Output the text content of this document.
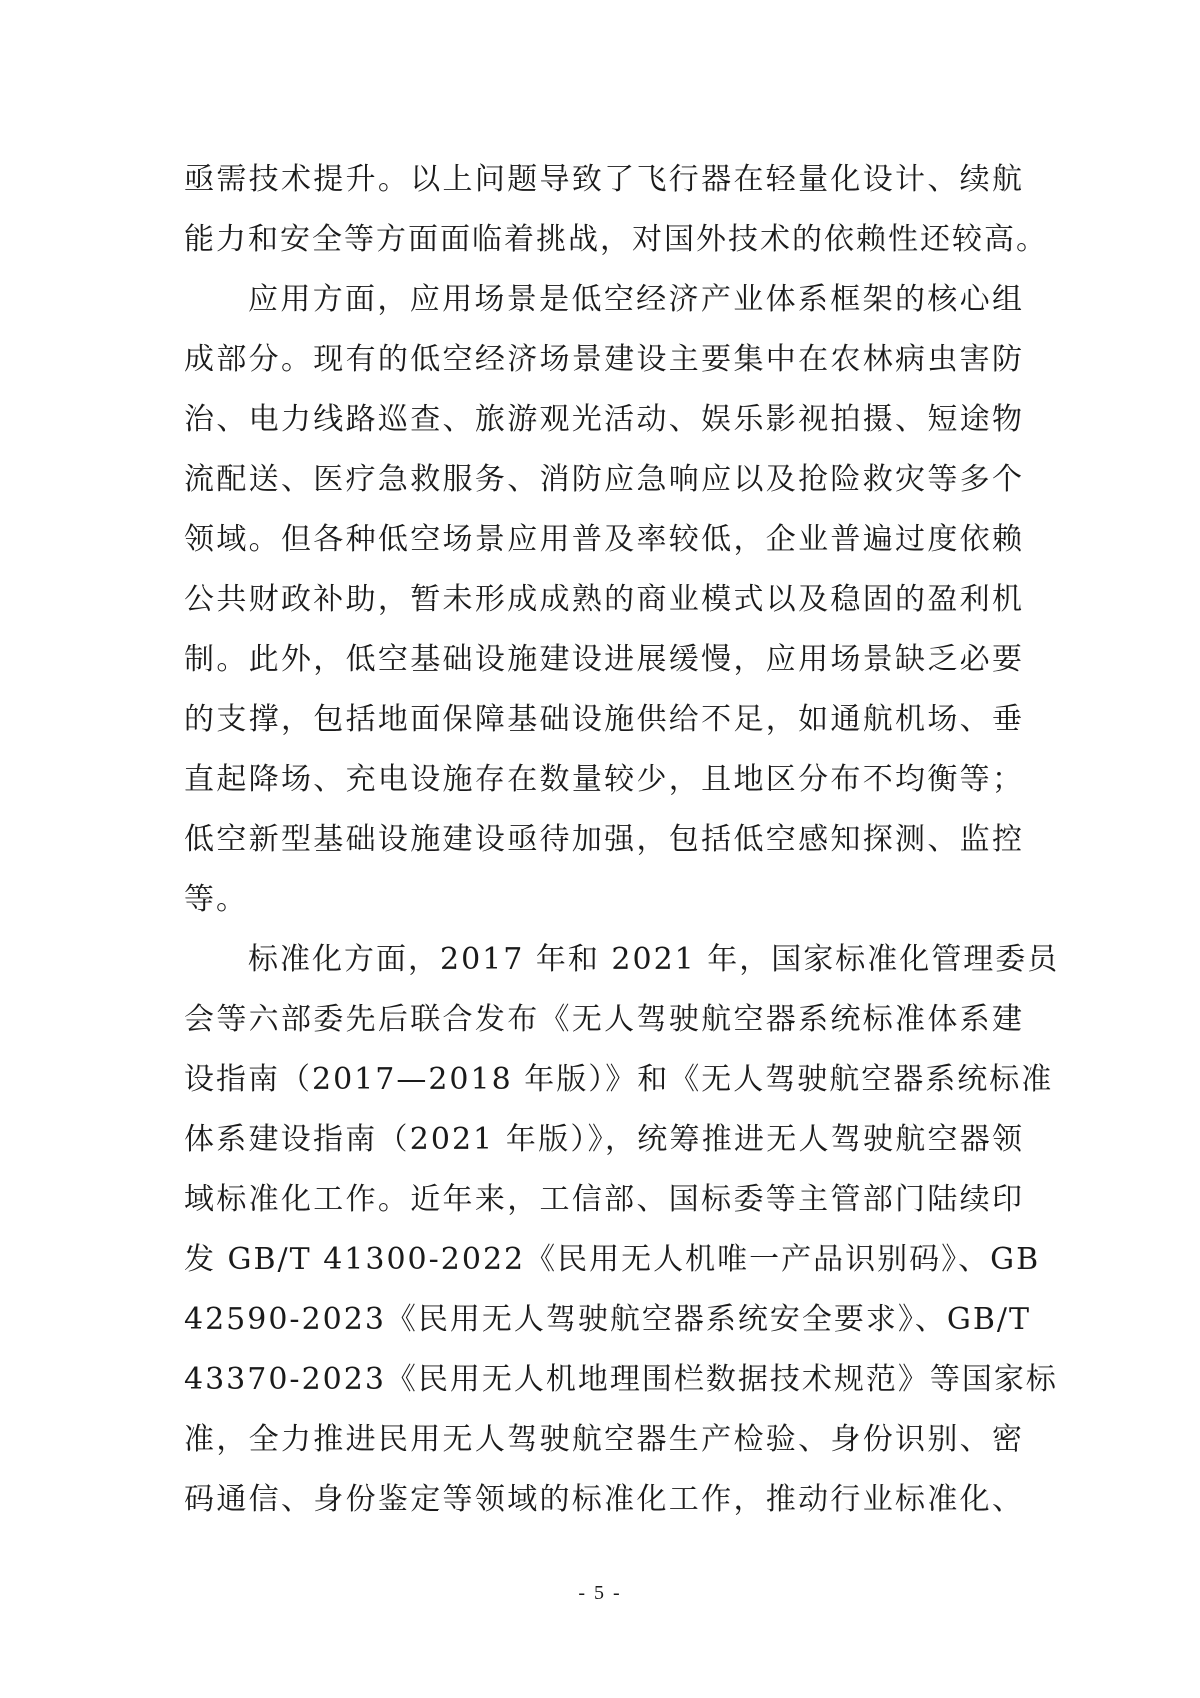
亟需技术提升。以上问题导致了飞行器在轻量化设计、续航
能力和安全等方面面临着挑战，对国外技术的依赖性还较高。
应用方面，应用场景是低空经济产业体系框架的核心组
成部分。现有的低空经济场景建设主要集中在农林病虫害防
治、电力线路巡查、旅游观光活动、娱乐影视拍摄、短途物
流配送、医疗急救服务、消防应急响应以及抢险救灾等多个
领域。但各种低空场景应用普及率较低，企业普遍过度依赖
公共财政补助，暂未形成成熟的商业模式以及稳固的盈利机
制。此外，低空基础设施建设进展缓慢，应用场景缺乏必要
的支撑，包括地面保障基础设施供给不足，如通航机场、垂
直起降场、充电设施存在数量较少，且地区分布不均衡等；
低空新型基础设施建设亟待加强，包括低空感知探测、监控
等。
标准化方面，2017 年和 2021 年，国家标准化管理委员
会等六部委先后联合发布《无人驾驶航空器系统标准体系建
设指南（2017—2018 年版）》和《无人驾驶航空器系统标准
体系建设指南（2021 年版）》，统筹推进无人驾驶航空器领
域标准化工作。近年来，工信部、国标委等主管部门陆续印
发 GB/T 41300-2022《民用无人机唯一产品识别码》、GB
42590-2023《民用无人驾驶航空器系统安全要求》、GB/T
43370-2023《民用无人机地理围栏数据技术规范》等国家标
准，全力推进民用无人驾驶航空器生产检验、身份识别、密
码通信、身份鉴定等领域的标准化工作，推动行业标准化、
- 5 -
